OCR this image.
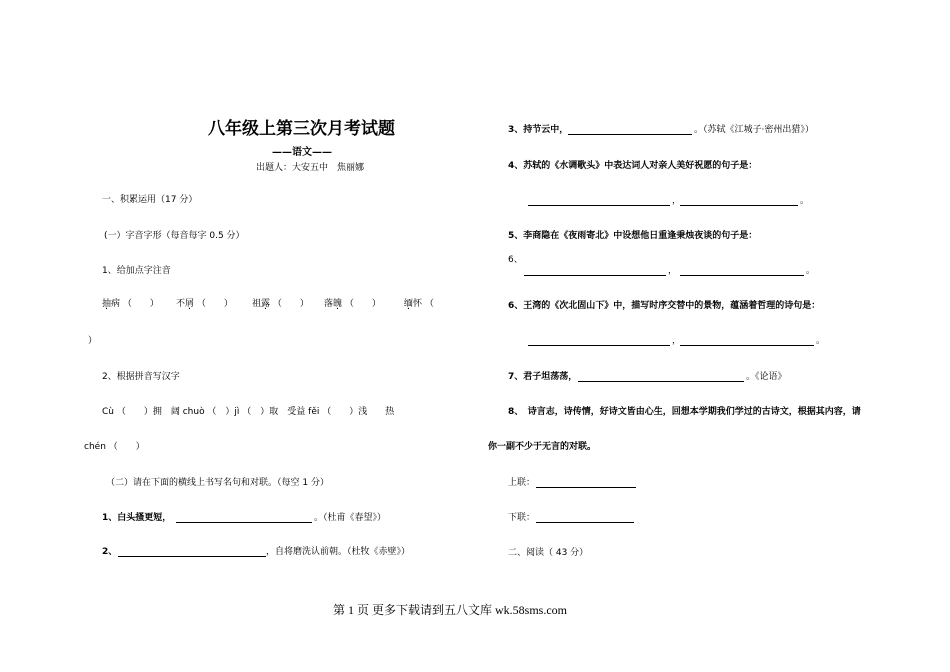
八年级上第三次月考试题
——语文——
出题人：大安五中　焦丽娜
一、积累运用（17 分）
(一）字音字形（每音每字 0.5 分）
1、给加点字注音
抽病 （　　） 不屑 （　　） 祖露 （　　） 落魄 （　　）	缅怀 （
）
2、根据拼音写汉字
Cù （　　）拥　阔 chuò （　）jì （　）取　受益 fěi （　　）浅　　热
chén （　　）
（二）请在下面的横线上书写名句和对联。（每空 1 分）
1、白头搔更短，	。（杜甫《春望》）
2、	，自将磨洗认前朝。（杜牧《赤壁》）
3、持节云中，	。（苏轼《江城子·密州出猎》）
4、苏轼的《水调歌头》中表达词人对亲人美好祝愿的句子是：
，	。
5、李商隐在《夜雨寄北》中设想他日重逢秉烛夜谈的句子是：
6、
，	。
6、王湾的《次北固山下》中，描写时序交替中的景物，蕴涵着哲理的诗句是：
，	。
7、君子坦荡荡，	。《论语》
8、　诗言志，诗传情，好诗文皆由心生，回想本学期我们学过的古诗文，根据其内容，请
你一副不少于无言的对联。
上联：
下联：
二、阅读（ 43 分）
第 1 页 更多下载请到五八文库 wk.58sms.com
